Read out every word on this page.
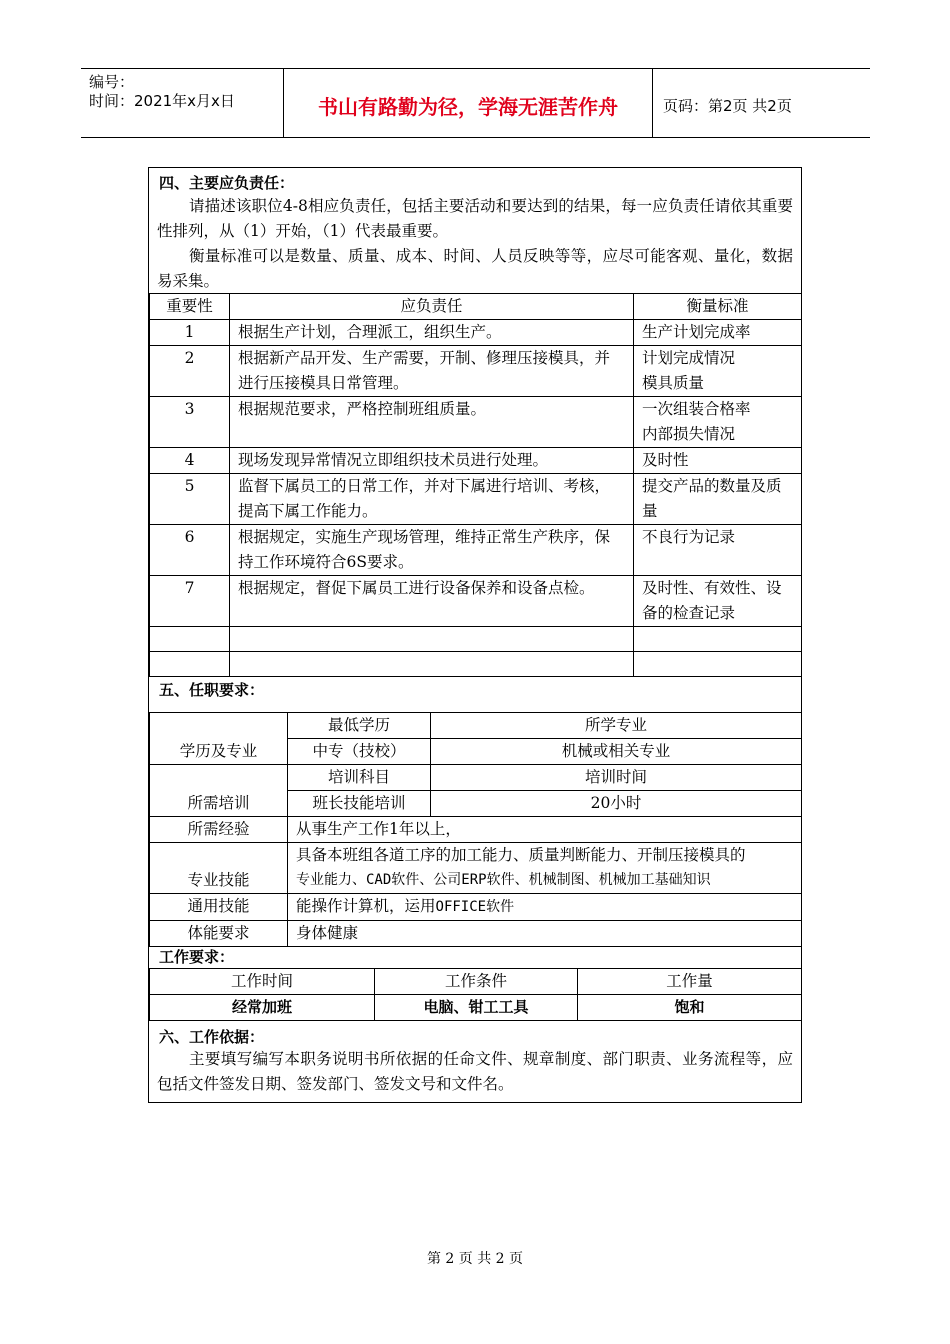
编号：
时间：2021年x月x日	书山有路勤为径，学海无涯苦作舟	页码：第2页 共2页
四、主要应负责任：
请描述该职位4-8相应负责任，包括主要活动和要达到的结果，每一应负责任请依其重要性排列，从（1）开始，（1）代表最重要。
衡量标准可以是数量、质量、成本、时间、人员反映等等，应尽可能客观、量化，数据易采集。
重要性	应负责任	衡量标准
1	根据生产计划，合理派工，组织生产。	生产计划完成率
2	根据新产品开发、生产需要，开制、修理压接模具，并进行压接模具日常管理。	计划完成情况
模具质量
3	根据规范要求，严格控制班组质量。	一次组装合格率
内部损失情况
4	现场发现异常情况立即组织技术员进行处理。	及时性
5	监督下属员工的日常工作，并对下属进行培训、考核，提高下属工作能力。	提交产品的数量及质量
6	根据规定，实施生产现场管理，维持正常生产秩序，保持工作环境符合6S要求。	不良行为记录
7	根据规定，督促下属员工进行设备保养和设备点检。	及时性、有效性、设备的检查记录

五、任职要求：
学历及专业	最低学历	所学专业
	中专（技校）	机械或相关专业
所需培训	培训科目	培训时间
	班长技能培训	20小时
所需经验	从事生产工作1年以上，	
专业技能	具备本班组各道工序的加工能力、质量判断能力、开制压接模具的
专业能力、CAD软件、公司ERP软件、机械制图、机械加工基础知识	

通用技能	能操作计算机，运用OFFICE软件	
体能要求	身体健康	
工作要求：
工作时间	工作条件	工作量
经常加班	电脑、钳工工具	饱和
六、工作依据：
主要填写编写本职务说明书所依据的任命文件、规章制度、部门职责、业务流程等，应包括文件签发日期、签发部门、签发文号和文件名。
第 2 页 共 2 页
